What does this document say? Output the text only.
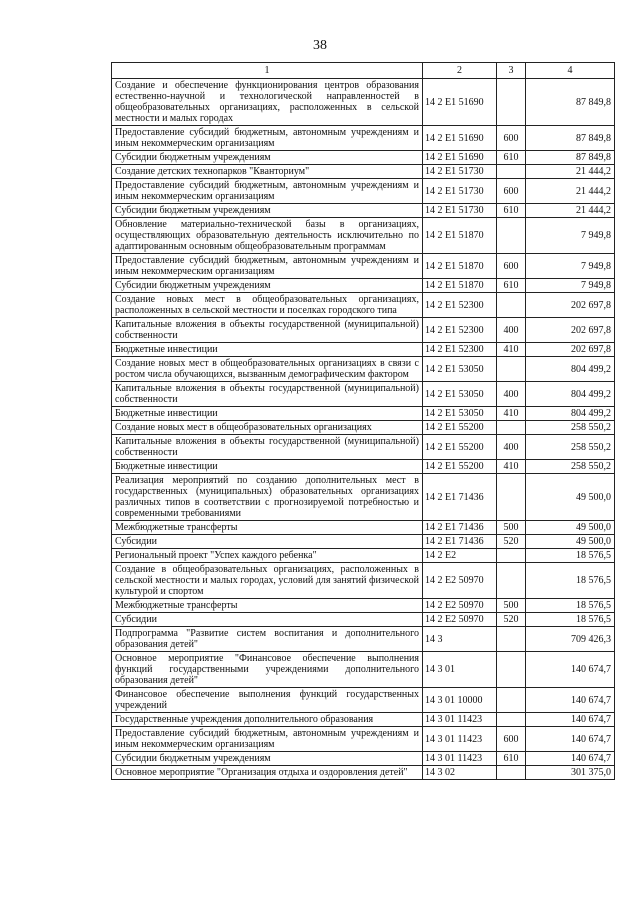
38
1	2	3	4
Создание и обеспечение функционирования центров образования естественно-научной и технологической направленностей в общеобразовательных организациях, расположенных в сельской местности и малых городах	14 2 E1 51690		87 849,8
Предоставление субсидий бюджетным, автономным учреждениям и иным некоммерческим организациям	14 2 E1 51690	600	87 849,8
Субсидии бюджетным учреждениям	14 2 E1 51690	610	87 849,8
Создание детских технопарков "Кванториум"	14 2 E1 51730		21 444,2
Предоставление субсидий бюджетным, автономным учреждениям и иным некоммерческим организациям	14 2 E1 51730	600	21 444,2
Субсидии бюджетным учреждениям	14 2 E1 51730	610	21 444,2
Обновление материально-технической базы в организациях, осуществляющих образовательную деятельность исключительно по адаптированным основным общеобразовательным программам	14 2 E1 51870		7 949,8
Предоставление субсидий бюджетным, автономным учреждениям и иным некоммерческим организациям	14 2 E1 51870	600	7 949,8
Субсидии бюджетным учреждениям	14 2 E1 51870	610	7 949,8
Создание новых мест в общеобразовательных организациях, расположенных в сельской местности и поселках городского типа	14 2 E1 52300		202 697,8
Капитальные вложения в объекты государственной (муниципальной) собственности	14 2 E1 52300	400	202 697,8
Бюджетные инвестиции	14 2 E1 52300	410	202 697,8
Создание новых мест в общеобразовательных организациях в связи с ростом числа обучающихся, вызванным демографическим фактором	14 2 E1 53050		804 499,2
Капитальные вложения в объекты государственной (муниципальной) собственности	14 2 E1 53050	400	804 499,2
Бюджетные инвестиции	14 2 E1 53050	410	804 499,2
Создание новых мест в общеобразовательных организациях	14 2 E1 55200		258 550,2
Капитальные вложения в объекты государственной (муниципальной) собственности	14 2 E1 55200	400	258 550,2
Бюджетные инвестиции	14 2 E1 55200	410	258 550,2
Реализация мероприятий по созданию дополнительных мест в государственных (муниципальных) образовательных организациях различных типов в соответствии с прогнозируемой потребностью и современными требованиями	14 2 E1 71436		49 500,0
Межбюджетные трансферты	14 2 E1 71436	500	49 500,0
Субсидии	14 2 E1 71436	520	49 500,0
Региональный проект "Успех каждого ребенка"	14 2 E2		18 576,5
Создание в общеобразовательных организациях, расположенных в сельской местности и малых городах, условий для занятий физической культурой и спортом	14 2 E2 50970		18 576,5
Межбюджетные трансферты	14 2 E2 50970	500	18 576,5
Субсидии	14 2 E2 50970	520	18 576,5
Подпрограмма "Развитие систем воспитания и дополнительного образования детей"	14 3		709 426,3
Основное мероприятие "Финансовое обеспечение выполнения функций государственными учреждениями дополнительного образования детей"	14 3 01		140 674,7
Финансовое обеспечение выполнения функций государственных учреждений	14 3 01 10000		140 674,7
Государственные учреждения дополнительного образования	14 3 01 11423		140 674,7
Предоставление субсидий бюджетным, автономным учреждениям и иным некоммерческим организациям	14 3 01 11423	600	140 674,7
Субсидии бюджетным учреждениям	14 3 01 11423	610	140 674,7
Основное мероприятие "Организация отдыха и оздоровления детей"	14 3 02		301 375,0
